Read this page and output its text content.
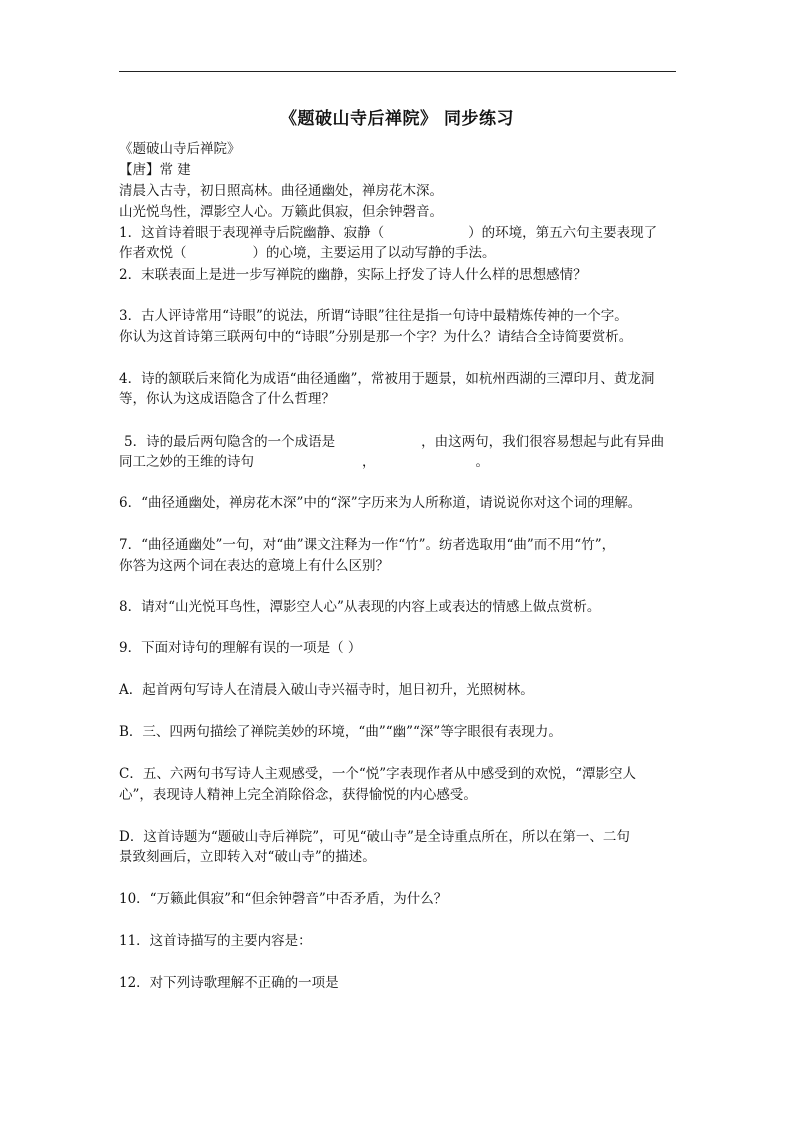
《题破山寺后禅院》 同步练习
《题破山寺后禅院》
【唐】常 建
清晨入古寺，初日照高林。曲径通幽处，禅房花木深。
山光悦鸟性，潭影空人心。万籁此俱寂，但余钟磬音。
1．这首诗着眼于表现禅寺后院幽静、寂静（	）的环境，第五六句主要表现了
作者欢悦（	）的心境，主要运用了以动写静的手法。
2．末联表面上是进一步写禅院的幽静，实际上抒发了诗人什么样的思想感情？
3．古人评诗常用“诗眼”的说法，所谓“诗眼”往往是指一句诗中最精炼传神的一个字。
你认为这首诗第三联两句中的“诗眼”分别是那一个字？为什么？请结合全诗简要赏析。
4．诗的颔联后来简化为成语“曲径通幽”，常被用于题景，如杭州西湖的三潭印月、黄龙洞
等，你认为这成语隐含了什么哲理？
5．诗的最后两句隐含的一个成语是	，由这两句，我们很容易想起与此有异曲
同工之妙的王维的诗句	，	。
6．“曲径通幽处，禅房花木深”中的“深”字历来为人所称道，请说说你对这个词的理解。
7．“曲径通幽处”一句，对“曲”课文注释为一作“竹”。纺者选取用“曲”而不用“竹”，
你答为这两个词在表达的意境上有什么区别？
8．请对“山光悦耳鸟性，潭影空人心”从表现的内容上或表达的情感上做点赏析。
9．下面对诗句的理解有误的一项是（ ）
A．起首两句写诗人在清晨入破山寺兴福寺时，旭日初升，光照树林。
B．三、四两句描绘了禅院美妙的环境，“曲”“幽”“深”等字眼很有表现力。
C．五、六两句书写诗人主观感受，一个“悦”字表现作者从中感受到的欢悦，“潭影空人
心”，表现诗人精神上完全消除俗念，获得愉悦的内心感受。
D．这首诗题为“题破山寺后禅院”，可见“破山寺”是全诗重点所在，所以在第一、二句
景致刻画后，立即转入对“破山寺”的描述。
10．“万籁此俱寂”和“但余钟磬音”中否矛盾，为什么？
11．这首诗描写的主要内容是：
12．对下列诗歌理解不正确的一项是
